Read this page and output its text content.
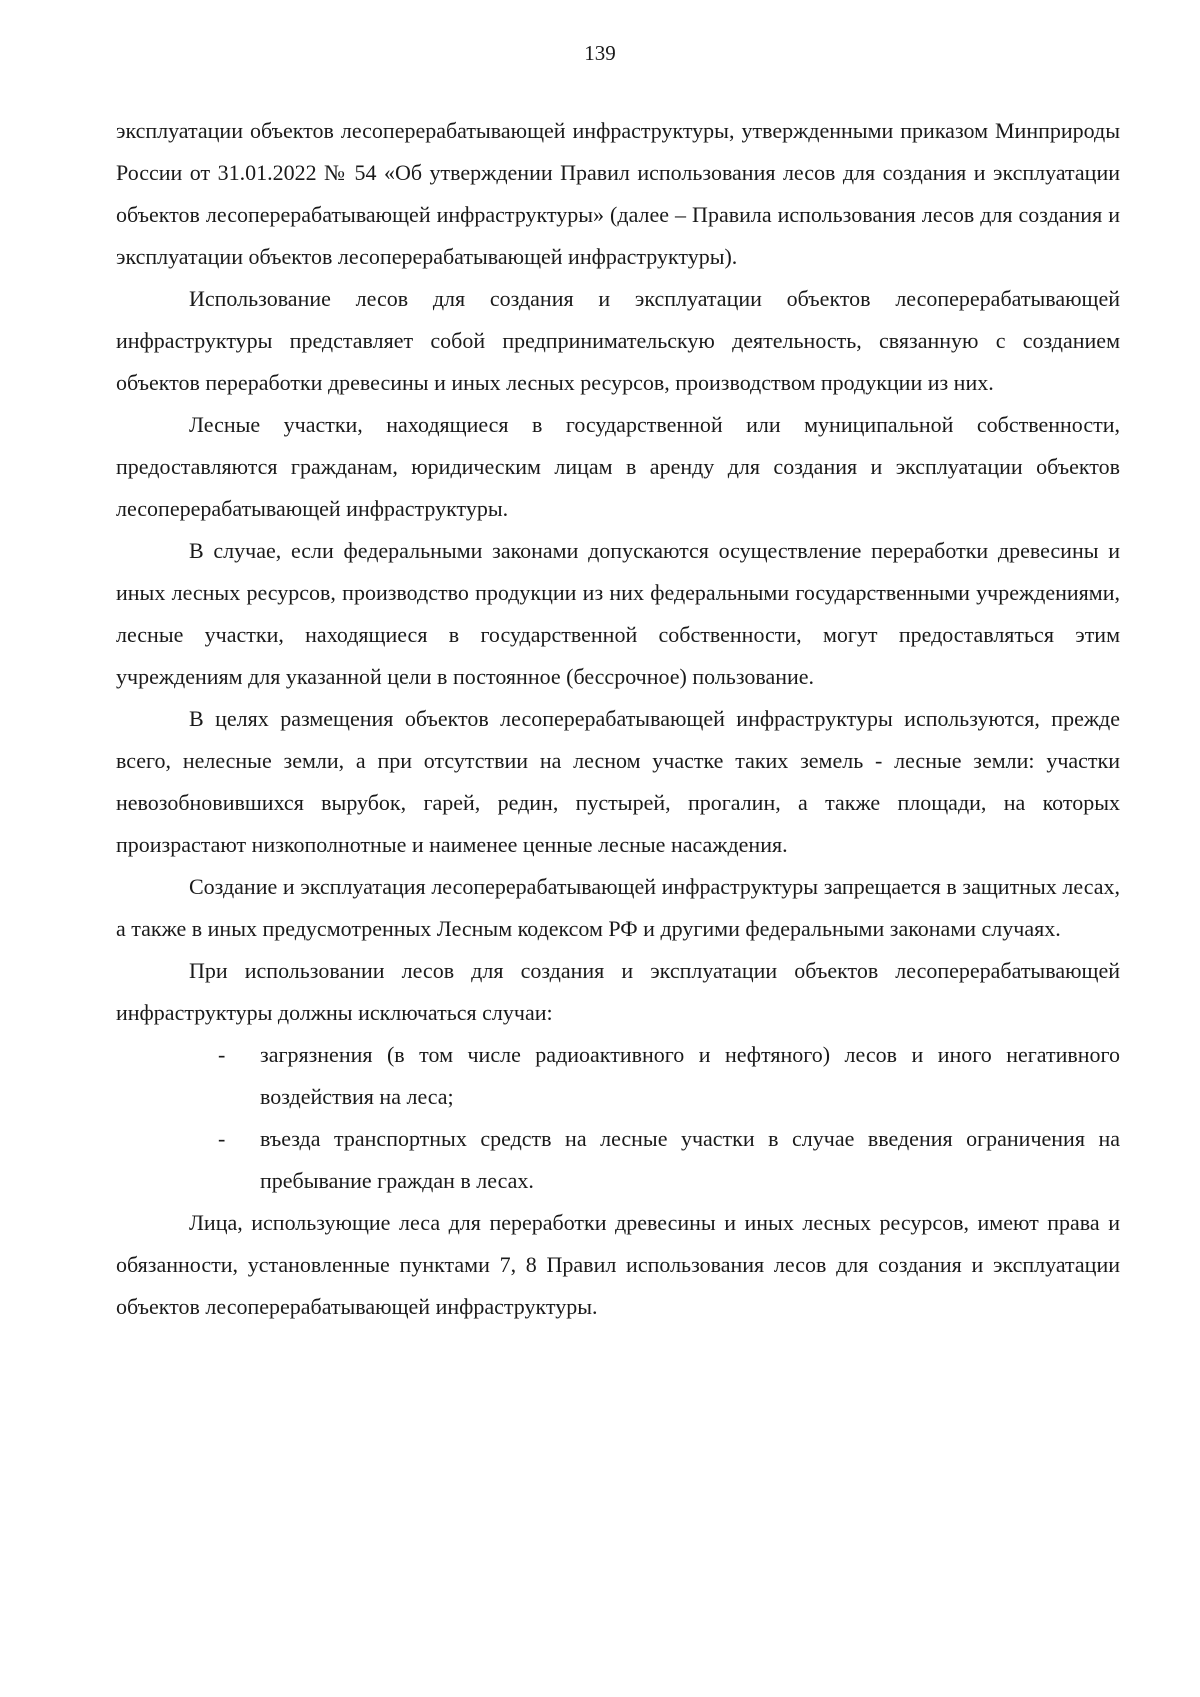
139

эксплуатации объектов лесоперерабатывающей инфраструктуры, утвержденными приказом Минприроды России от 31.01.2022 № 54 «Об утверждении Правил использования лесов для создания и эксплуатации объектов лесоперерабатывающей инфраструктуры» (далее – Правила использования лесов для создания и эксплуатации объектов лесоперерабатывающей инфраструктуры).

Использование лесов для создания и эксплуатации объектов лесоперерабатывающей инфраструктуры представляет собой предпринимательскую деятельность, связанную с созданием объектов переработки древесины и иных лесных ресурсов, производством продукции из них.

Лесные участки, находящиеся в государственной или муниципальной собственности, предоставляются гражданам, юридическим лицам в аренду для создания и эксплуатации объектов лесоперерабатывающей инфраструктуры.

В случае, если федеральными законами допускаются осуществление переработки древесины и иных лесных ресурсов, производство продукции из них федеральными государственными учреждениями, лесные участки, находящиеся в государственной собственности, могут предоставляться этим учреждениям для указанной цели в постоянное (бессрочное) пользование.

В целях размещения объектов лесоперерабатывающей инфраструктуры используются, прежде всего, нелесные земли, а при отсутствии на лесном участке таких земель - лесные земли: участки невозобновившихся вырубок, гарей, редин, пустырей, прогалин, а также площади, на которых произрастают низкополнотные и наименее ценные лесные насаждения.

Создание и эксплуатация лесоперерабатывающей инфраструктуры запрещается в защитных лесах, а также в иных предусмотренных Лесным кодексом РФ и другими федеральными законами случаях.

При использовании лесов для создания и эксплуатации объектов лесоперерабатывающей инфраструктуры должны исключаться случаи:

- загрязнения (в том числе радиоактивного и нефтяного) лесов и иного негативного воздействия на леса;
- въезда транспортных средств на лесные участки в случае введения ограничения на пребывание граждан в лесах.

Лица, использующие леса для переработки древесины и иных лесных ресурсов, имеют права и обязанности, установленные пунктами 7, 8 Правил использования лесов для создания и эксплуатации объектов лесоперерабатывающей инфраструктуры.
